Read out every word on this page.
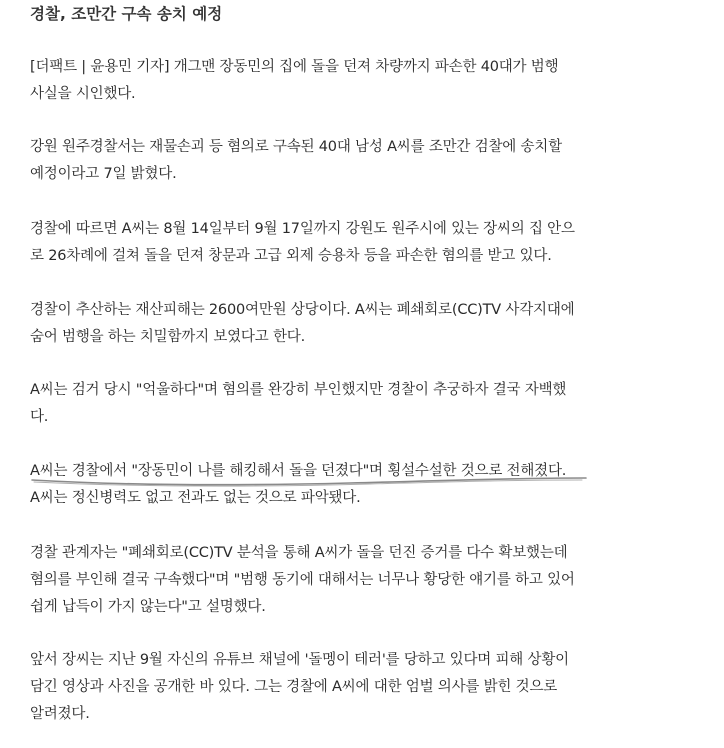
경찰, 조만간 구속 송치 예정

[더팩트 | 윤용민 기자] 개그맨 장동민의 집에 돌을 던져 차량까지 파손한 40대가 범행
사실을 시인했다.

강원 원주경찰서는 재물손괴 등 혐의로 구속된 40대 남성 A씨를 조만간 검찰에 송치할
예정이라고 7일 밝혔다.

경찰에 따르면 A씨는 8월 14일부터 9월 17일까지 강원도 원주시에 있는 장씨의 집 안으
로 26차례에 걸쳐 돌을 던져 창문과 고급 외제 승용차 등을 파손한 혐의를 받고 있다.

경찰이 추산하는 재산피해는 2600여만원 상당이다. A씨는 폐쇄회로(CC)TV 사각지대에
숨어 범행을 하는 치밀함까지 보였다고 한다.

A씨는 검거 당시 "억울하다"며 혐의를 완강히 부인했지만 경찰이 추궁하자 결국 자백했
다.

A씨는 경찰에서 "장동민이 나를 해킹해서 돌을 던졌다"며 횡설수설한 것으로 전해졌다.
A씨는 정신병력도 없고 전과도 없는 것으로 파악됐다.

경찰 관계자는 "폐쇄회로(CC)TV 분석을 통해 A씨가 돌을 던진 증거를 다수 확보했는데
혐의를 부인해 결국 구속했다"며 "범행 동기에 대해서는 너무나 황당한 얘기를 하고 있어
쉽게 납득이 가지 않는다"고 설명했다.

앞서 장씨는 지난 9월 자신의 유튜브 채널에 '돌멩이 테러'를 당하고 있다며 피해 상황이
담긴 영상과 사진을 공개한 바 있다. 그는 경찰에 A씨에 대한 엄벌 의사를 밝힌 것으로
알려졌다.
